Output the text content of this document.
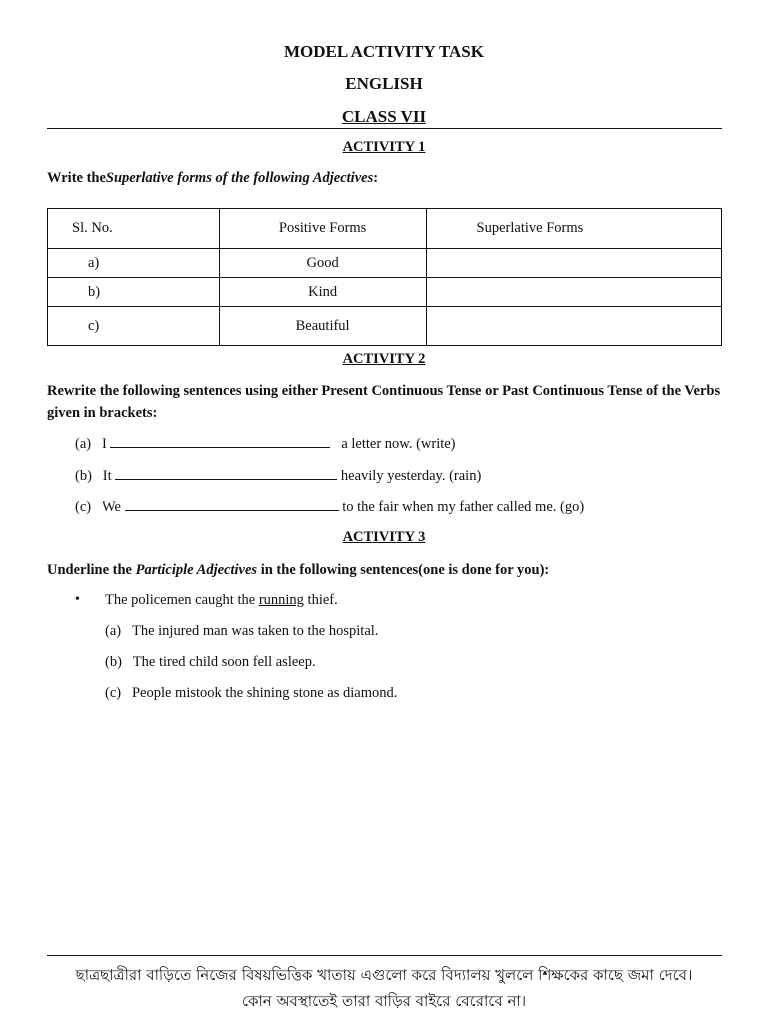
MODEL ACTIVITY TASK
ENGLISH
CLASS VII
ACTIVITY 1
Write theSuperlative forms of the following Adjectives:
Sl. No.	Positive Forms	Superlative Forms
a)	Good	
b)	Kind	
c)	Beautiful	
ACTIVITY 2
Rewrite the following sentences using either Present Continuous Tense or Past Continuous Tense of the Verbs given in brackets:
(a) I	a letter now. (write)
(b) It	heavily yesterday. (rain)
(c) We	to the fair when my father called me. (go)
ACTIVITY 3
Underline the Participle Adjectives in the following sentences(one is done for you):
• The policemen caught the running thief.
(a) The injured man was taken to the hospital.
(b) The tired child soon fell asleep.
(c) People mistook the shining stone as diamond.
ছাত্রছাত্রীরা বাড়িতে নিজের বিষয়ভিত্তিক খাতায় এগুলো করে বিদ্যালয় খুললে শিক্ষকের কাছে জমা দেবে।
কোন অবস্থাতেই তারা বাড়ির বাইরে বেরোবে না।
